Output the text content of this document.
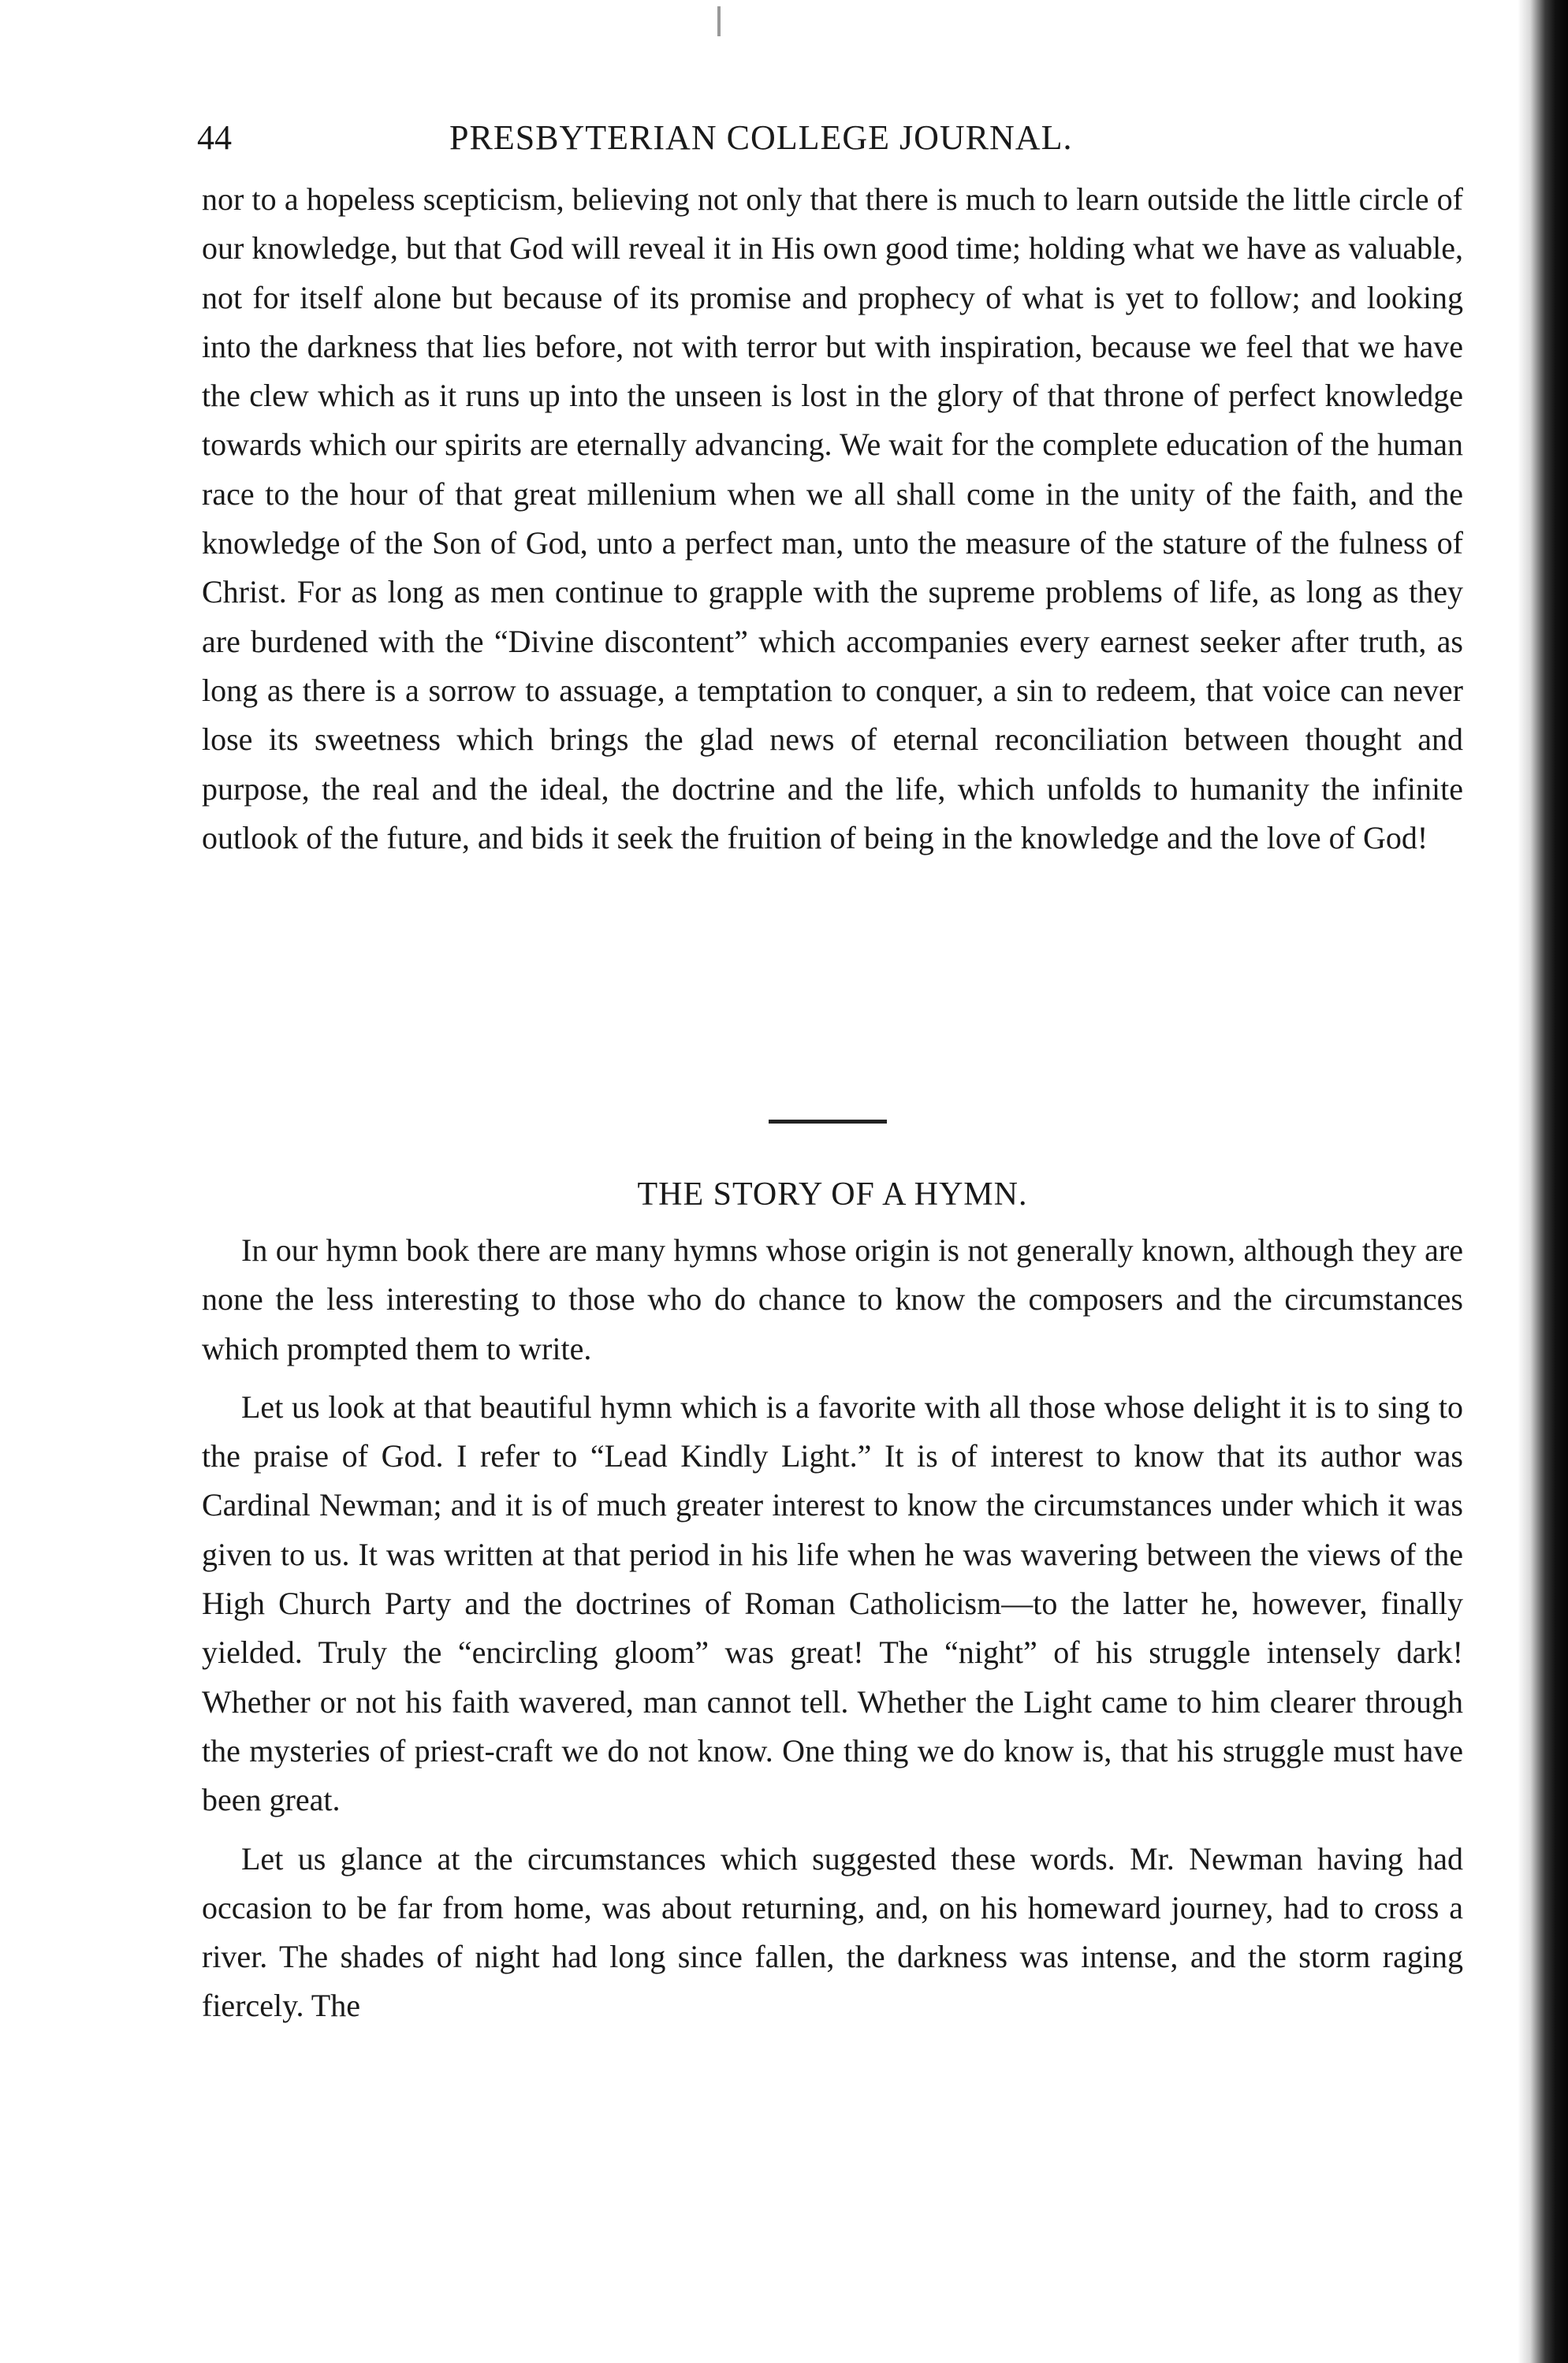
44	PRESBYTERIAN COLLEGE JOURNAL.

nor to a hopeless scepticism, believing not only that there is much to learn outside the little circle of our knowledge, but that God will reveal it in His own good time; holding what we have as valuable, not for itself alone but because of its promise and prophecy of what is yet to follow; and looking into the darkness that lies before, not with terror but with inspiration, because we feel that we have the clew which as it runs up into the unseen is lost in the glory of that throne of perfect knowledge towards which our spirits are eternally advancing. We wait for the complete education of the human race to the hour of that great millenium when we all shall come in the unity of the faith, and the knowledge of the Son of God, unto a perfect man, unto the measure of the stature of the fulness of Christ. For as long as men continue to grapple with the supreme problems of life, as long as they are burdened with the “Divine discontent” which accompanies every earnest seeker after truth, as long as there is a sorrow to assuage, a temptation to conquer, a sin to redeem, that voice can never lose its sweetness which brings the glad news of eternal reconciliation between thought and purpose, the real and the ideal, the doctrine and the life, which unfolds to humanity the infinite outlook of the future, and bids it seek the fruition of being in the knowledge and the love of God!

THE STORY OF A HYMN.

In our hymn book there are many hymns whose origin is not generally known, although they are none the less interesting to those who do chance to know the composers and the circumstances which prompted them to write.

Let us look at that beautiful hymn which is a favorite with all those whose delight it is to sing to the praise of God. I refer to “Lead Kindly Light.” It is of interest to know that its author was Cardinal Newman; and it is of much greater interest to know the circumstances under which it was given to us. It was written at that period in his life when he was wavering between the views of the High Church Party and the doctrines of Roman Catholicism—to the latter he, however, finally yielded. Truly the “encircling gloom” was great! The “night” of his struggle intensely dark! Whether or not his faith wavered, man cannot tell. Whether the Light came to him clearer through the mysteries of priest-craft we do not know. One thing we do know is, that his struggle must have been great.

Let us glance at the circumstances which suggested these words. Mr. Newman having had occasion to be far from home, was about returning, and, on his homeward journey, had to cross a river. The shades of night had long since fallen, the darkness was intense, and the storm raging fiercely. The
